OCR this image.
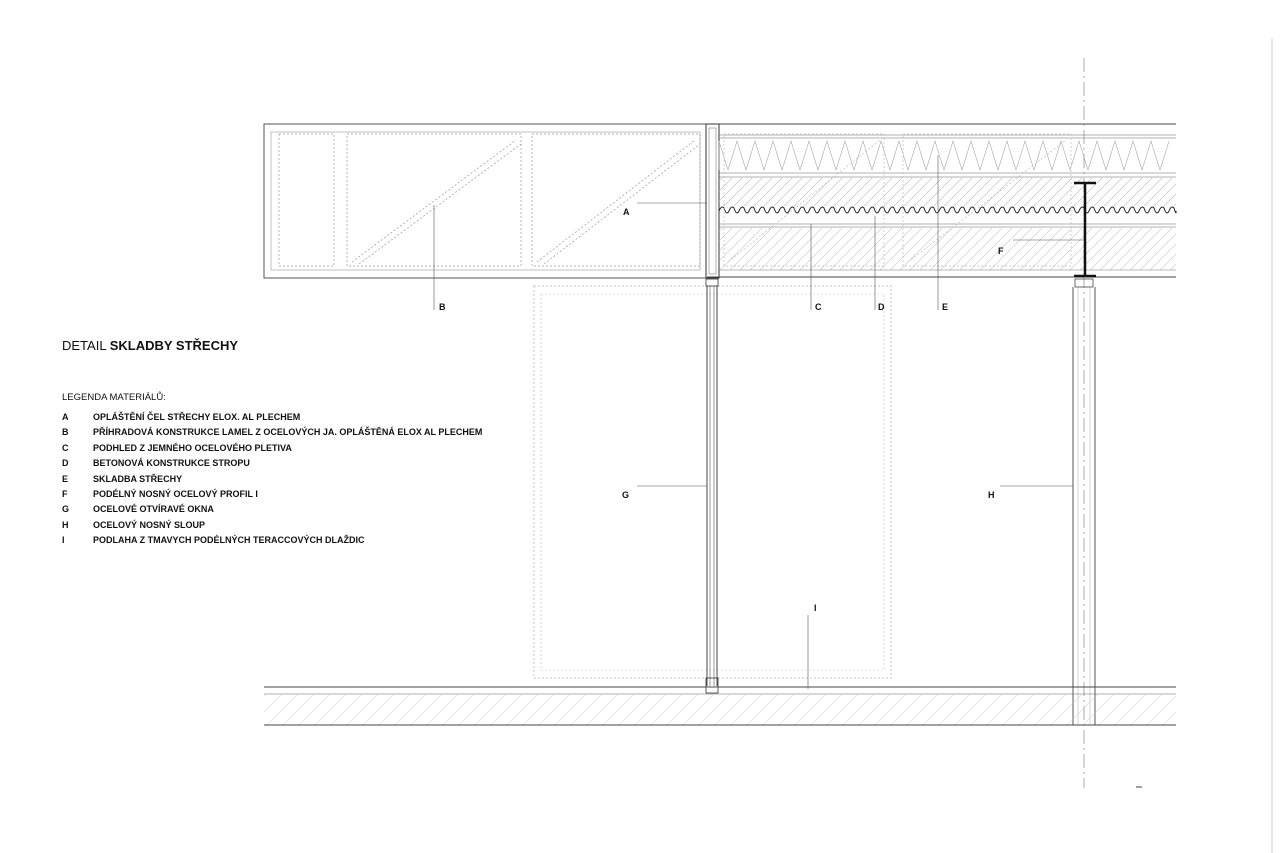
A
B	C	D	E
F
G	H
I
DETAIL SKLADBY STŘECHY
LEGENDA MATERIÁLŮ:
A	OPLÁŠTĚNÍ ČEL STŘECHY ELOX. AL PLECHEM
B	PŘÍHRADOVÁ KONSTRUKCE LAMEL Z OCELOVÝCH JA. OPLÁŠTĚNÁ ELOX AL PLECHEM
C	PODHLED Z JEMNÉHO OCELOVÉHO PLETIVA
D	BETONOVÁ KONSTRUKCE STROPU
E	SKLADBA STŘECHY
F	PODÉLNÝ NOSNÝ OCELOVÝ PROFIL I
G	OCELOVÉ OTVÍRAVÉ OKNA
H	OCELOVÝ NOSNÝ SLOUP
I	PODLAHA Z TMAVYCH PODÉLNÝCH TERACCOVÝCH DLAŽDIC
